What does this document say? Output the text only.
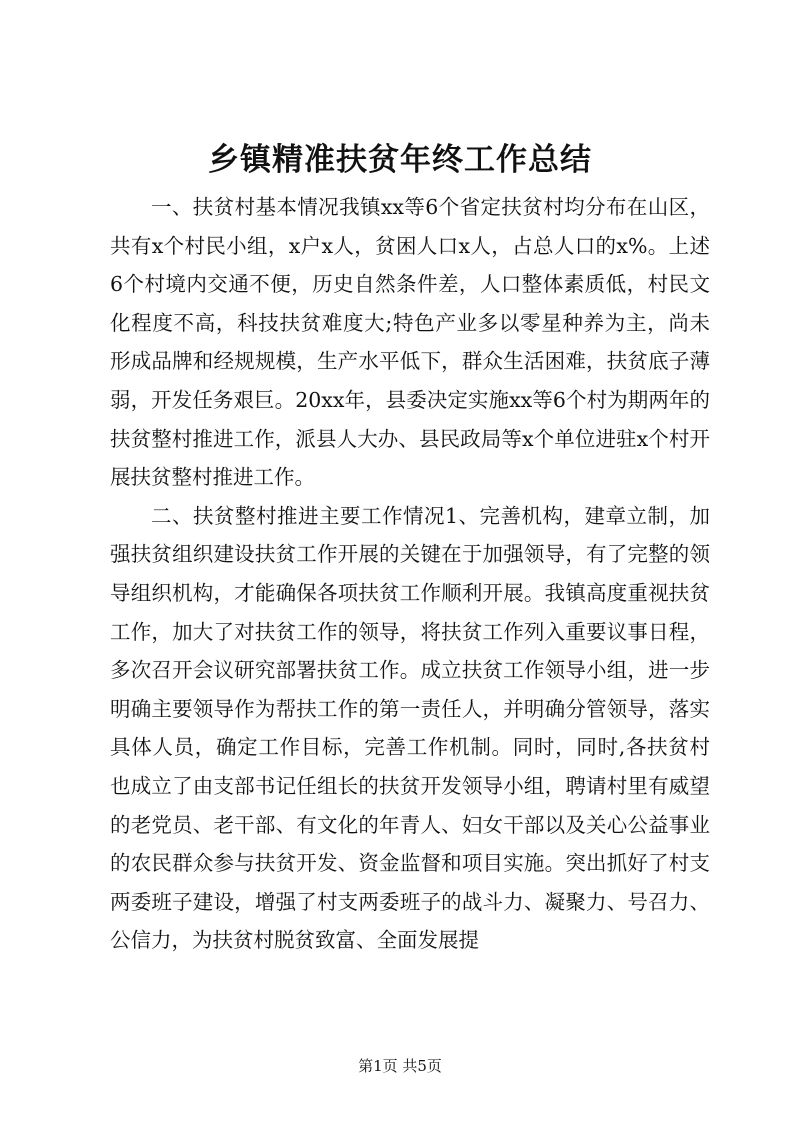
乡镇精准扶贫年终工作总结

一、扶贫村基本情况我镇xx等6个省定扶贫村均分布在山区，共有x个村民小组，x户x人，贫困人口x人，占总人口的x%。上述6个村境内交通不便，历史自然条件差，人口整体素质低，村民文化程度不高，科技扶贫难度大;特色产业多以零星种养为主，尚未形成品牌和经规规模，生产水平低下，群众生活困难，扶贫底子薄弱，开发任务艰巨。20xx年，县委决定实施xx等6个村为期两年的扶贫整村推进工作，派县人大办、县民政局等x个单位进驻x个村开展扶贫整村推进工作。

二、扶贫整村推进主要工作情况1、完善机构，建章立制，加强扶贫组织建设扶贫工作开展的关键在于加强领导，有了完整的领导组织机构，才能确保各项扶贫工作顺利开展。我镇高度重视扶贫工作，加大了对扶贫工作的领导，将扶贫工作列入重要议事日程，多次召开会议研究部署扶贫工作。成立扶贫工作领导小组，进一步明确主要领导作为帮扶工作的第一责任人，并明确分管领导，落实具体人员，确定工作目标，完善工作机制。同时，同时,各扶贫村也成立了由支部书记任组长的扶贫开发领导小组，聘请村里有威望的老党员、老干部、有文化的年青人、妇女干部以及关心公益事业的农民群众参与扶贫开发、资金监督和项目实施。突出抓好了村支两委班子建设，增强了村支两委班子的战斗力、凝聚力、号召力、公信力，为扶贫村脱贫致富、全面发展提

第1页 共5页
